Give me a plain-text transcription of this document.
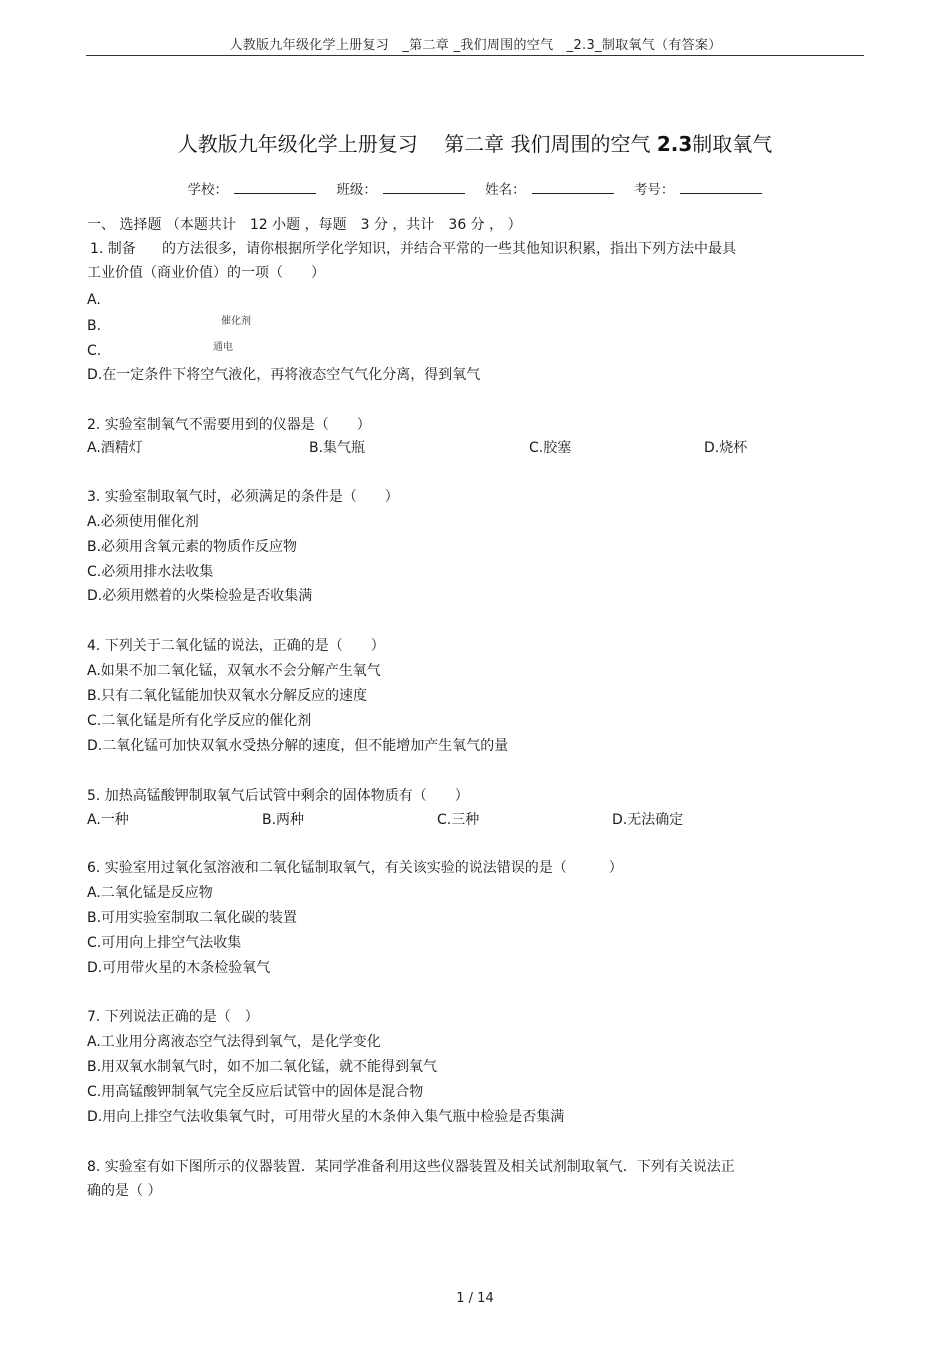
人教版九年级化学上册复习　_第二章 _我们周围的空气　_2.3_制取氧气（有答案）
人教版九年级化学上册复习　 第二章 我们周围的空气 2.3制取氧气
学校：	班级：	姓名：	考号：
一、 选择题 （本题共计　12 小题 ，每题　3 分 ，共计　36 分 ， ）
1. 制备 的方法很多，请你根据所学化学知识，并结合平常的一些其他知识积累，指出下列方法中最具
工业价值（商业价值）的一项（　　）
A.
B.	催化剂
C.	通电
D.在一定条件下将空气液化，再将液态空气气化分离，得到氧气
2. 实验室制氧气不需要用到的仪器是（　　）
A.酒精灯	B.集气瓶	C.胶塞	D.烧杯
3. 实验室制取氧气时，必须满足的条件是（　　）
A.必须使用催化剂
B.必须用含氧元素的物质作反应物
C.必须用排水法收集
D.必须用燃着的火柴检验是否收集满
4. 下列关于二氧化锰的说法，正确的是（　　）
A.如果不加二氧化锰，双氧水不会分解产生氧气
B.只有二氧化锰能加快双氧水分解反应的速度
C.二氧化锰是所有化学反应的催化剂
D.二氧化锰可加快双氧水受热分解的速度，但不能增加产生氧气的量
5. 加热高锰酸钾制取氧气后试管中剩余的固体物质有（　　）
A.一种	B.两种	C.三种	D.无法确定
6. 实验室用过氧化氢溶液和二氧化锰制取氧气，有关该实验的说法错误的是（　　　）
A.二氧化锰是反应物
B.可用实验室制取二氧化碳的装置
C.可用向上排空气法收集
D.可用带火星的木条检验氧气
7. 下列说法正确的是（　）
A.工业用分离液态空气法得到氧气，是化学变化
B.用双氧水制氧气时，如不加二氧化锰，就不能得到氧气
C.用高锰酸钾制氧气完全反应后试管中的固体是混合物
D.用向上排空气法收集氧气时，可用带火星的木条伸入集气瓶中检验是否集满
8. 实验室有如下图所示的仪器装置．某同学准备利用这些仪器装置及相关试剂制取氧气．下列有关说法正
确的是（ ）
1 / 14
